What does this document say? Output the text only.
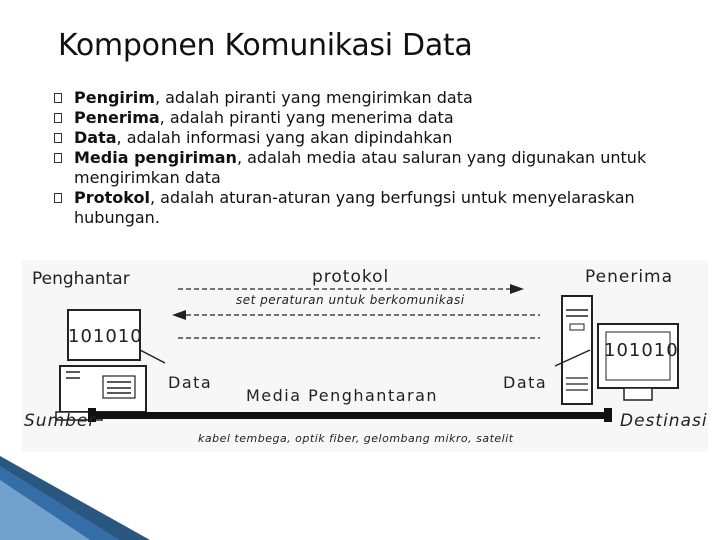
Komponen Komunikasi Data
Pengirim, adalah piranti yang mengirimkan data
Penerima, adalah piranti yang menerima data
Data, adalah informasi yang akan dipindahkan
Media pengiriman, adalah media atau saluran yang digunakan untuk mengirimkan data
Protokol, adalah aturan-aturan yang berfungsi untuk menyelaraskan hubungan.
Penghantar	protokol	Penerima
set peraturan untuk berkomunikasi
101010
Data
Media Penghantaran
101010
Data
Sumber	Destinasi
kabel tembega, optik fiber, gelombang mikro, satelit
